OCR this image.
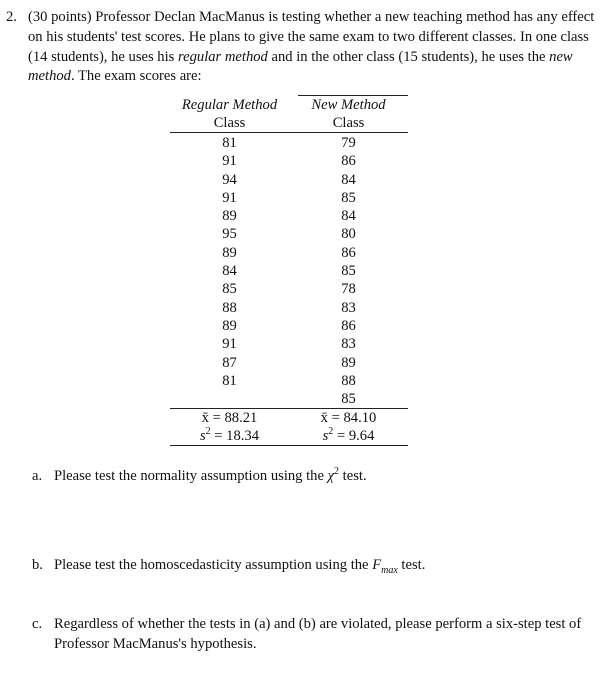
2. (30 points) Professor Declan MacManus is testing whether a new teaching method has any effect on his students' test scores. He plans to give the same exam to two different classes. In one class (14 students), he uses his regular method and in the other class (15 students), he uses the new method. The exam scores are:
Regular Method
Class
New Method
Class
81
91
94
91
89
95
89
84
85
88
89
91
87
81
79
86
84
85
84
80
86
85
78
83
86
83
89
88
85
x̄ = 88.21
$s^2 = 18.34$
x̄ = 84.10
$s^2 = 9.64$
a. Please test the normality assumption using the $\chi^2$ test.
b. Please test the homoscedasticity assumption using the $F_{max}$ test.
c. Regardless of whether the tests in (a) and (b) are violated, please perform a six-step test of Professor MacManus's hypothesis.
